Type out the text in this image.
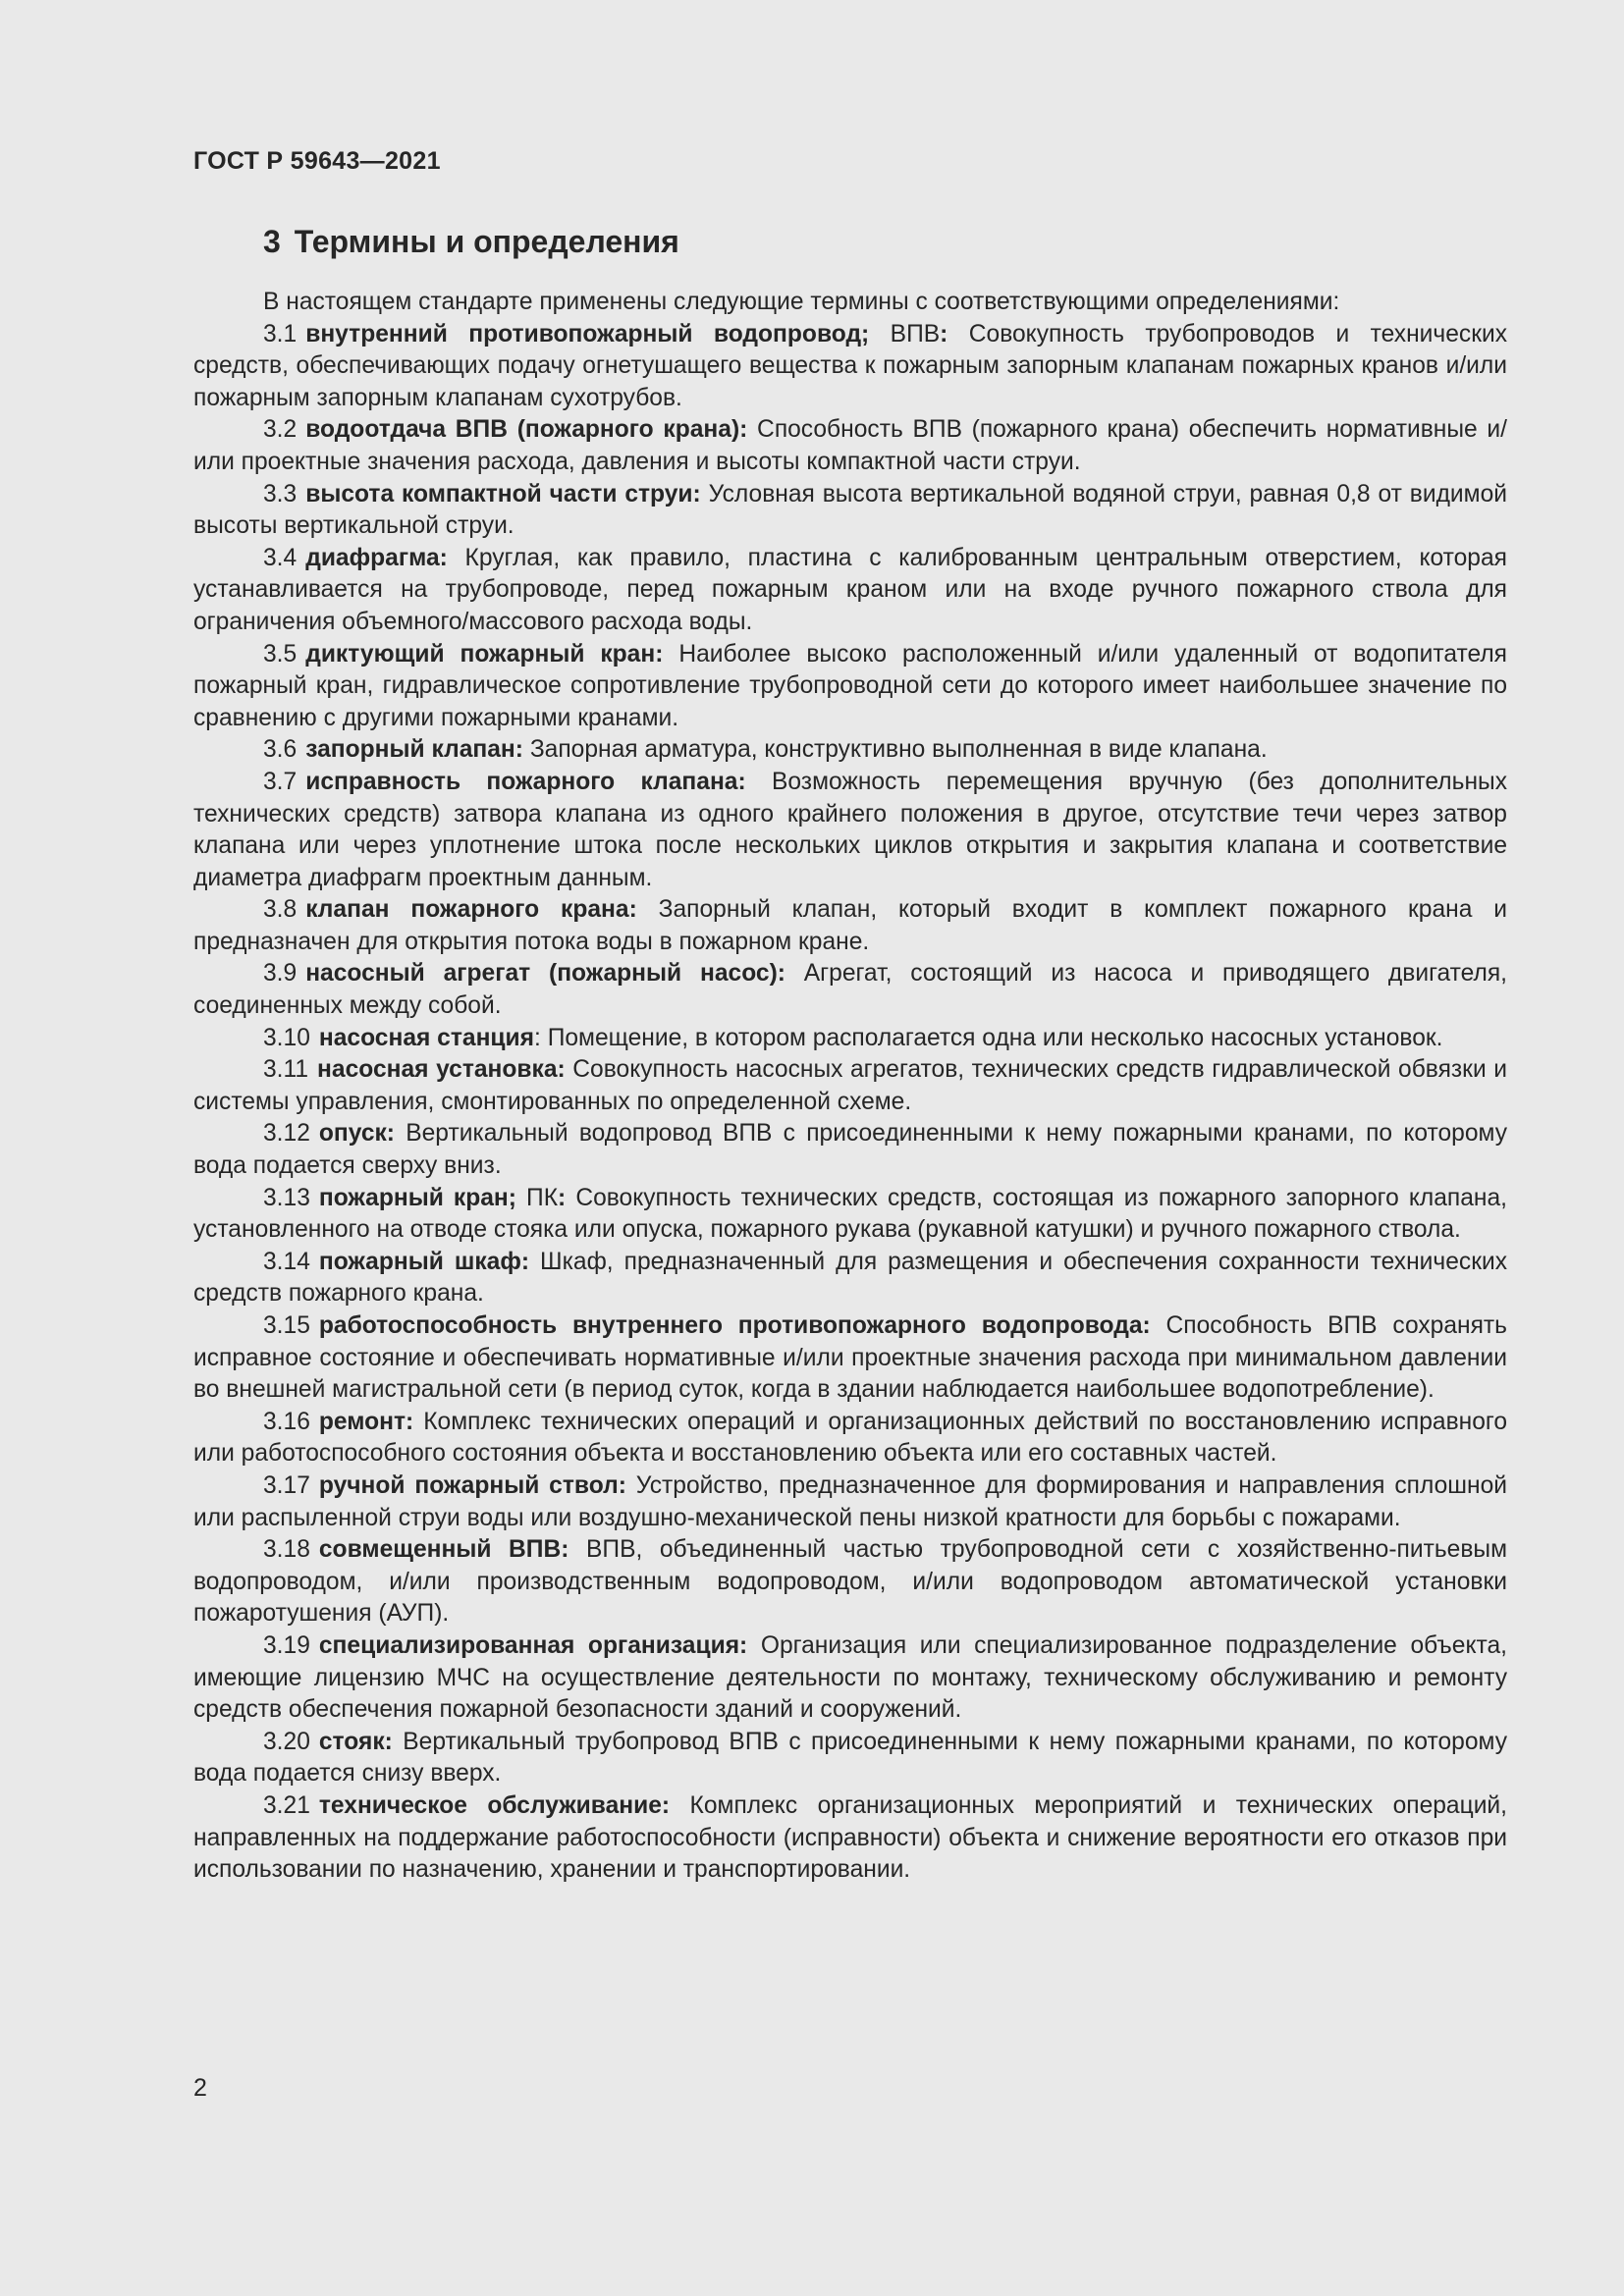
ГОСТ Р 59643—2021
3 Термины и определения

В настоящем стандарте применены следующие термины с соответствующими определениями:

3.1 внутренний противопожарный водопровод; ВПВ: Совокупность трубопроводов и технических средств, обеспечивающих подачу огнетушащего вещества к пожарным запорным клапанам пожарных кранов и/или пожарным запорным клапанам сухотрубов.

3.2 водоотдача ВПВ (пожарного крана): Способность ВПВ (пожарного крана) обеспечить нормативные и/или проектные значения расхода, давления и высоты компактной части струи.

3.3 высота компактной части струи: Условная высота вертикальной водяной струи, равная 0,8 от видимой высоты вертикальной струи.

3.4 диафрагма: Круглая, как правило, пластина с калиброванным центральным отверстием, которая устанавливается на трубопроводе, перед пожарным краном или на входе ручного пожарного ствола для ограничения объемного/массового расхода воды.

3.5 диктующий пожарный кран: Наиболее высоко расположенный и/или удаленный от водопитателя пожарный кран, гидравлическое сопротивление трубопроводной сети до которого имеет наибольшее значение по сравнению с другими пожарными кранами.

3.6 запорный клапан: Запорная арматура, конструктивно выполненная в виде клапана.

3.7 исправность пожарного клапана: Возможность перемещения вручную (без дополнительных технических средств) затвора клапана из одного крайнего положения в другое, отсутствие течи через затвор клапана или через уплотнение штока после нескольких циклов открытия и закрытия клапана и соответствие диаметра диафрагм проектным данным.

3.8 клапан пожарного крана: Запорный клапан, который входит в комплект пожарного крана и предназначен для открытия потока воды в пожарном кране.

3.9 насосный агрегат (пожарный насос): Агрегат, состоящий из насоса и приводящего двигателя, соединенных между собой.

3.10 насосная станция: Помещение, в котором располагается одна или несколько насосных установок.

3.11 насосная установка: Совокупность насосных агрегатов, технических средств гидравлической обвязки и системы управления, смонтированных по определенной схеме.

3.12 опуск: Вертикальный водопровод ВПВ с присоединенными к нему пожарными кранами, по которому вода подается сверху вниз.

3.13 пожарный кран; ПК: Совокупность технических средств, состоящая из пожарного запорного клапана, установленного на отводе стояка или опуска, пожарного рукава (рукавной катушки) и ручного пожарного ствола.

3.14 пожарный шкаф: Шкаф, предназначенный для размещения и обеспечения сохранности технических средств пожарного крана.

3.15 работоспособность внутреннего противопожарного водопровода: Способность ВПВ сохранять исправное состояние и обеспечивать нормативные и/или проектные значения расхода при минимальном давлении во внешней магистральной сети (в период суток, когда в здании наблюдается наибольшее водопотребление).

3.16 ремонт: Комплекс технических операций и организационных действий по восстановлению исправного или работоспособного состояния объекта и восстановлению объекта или его составных частей.

3.17 ручной пожарный ствол: Устройство, предназначенное для формирования и направления сплошной или распыленной струи воды или воздушно-механической пены низкой кратности для борьбы с пожарами.

3.18 совмещенный ВПВ: ВПВ, объединенный частью трубопроводной сети с хозяйственно-питьевым водопроводом, и/или производственным водопроводом, и/или водопроводом автоматической установки пожаротушения (АУП).

3.19 специализированная организация: Организация или специализированное подразделение объекта, имеющие лицензию МЧС на осуществление деятельности по монтажу, техническому обслуживанию и ремонту средств обеспечения пожарной безопасности зданий и сооружений.

3.20 стояк: Вертикальный трубопровод ВПВ с присоединенными к нему пожарными кранами, по которому вода подается снизу вверх.

3.21 техническое обслуживание: Комплекс организационных мероприятий и технических операций, направленных на поддержание работоспособности (исправности) объекта и снижение вероятности его отказов при использовании по назначению, хранении и транспортировании.

2
